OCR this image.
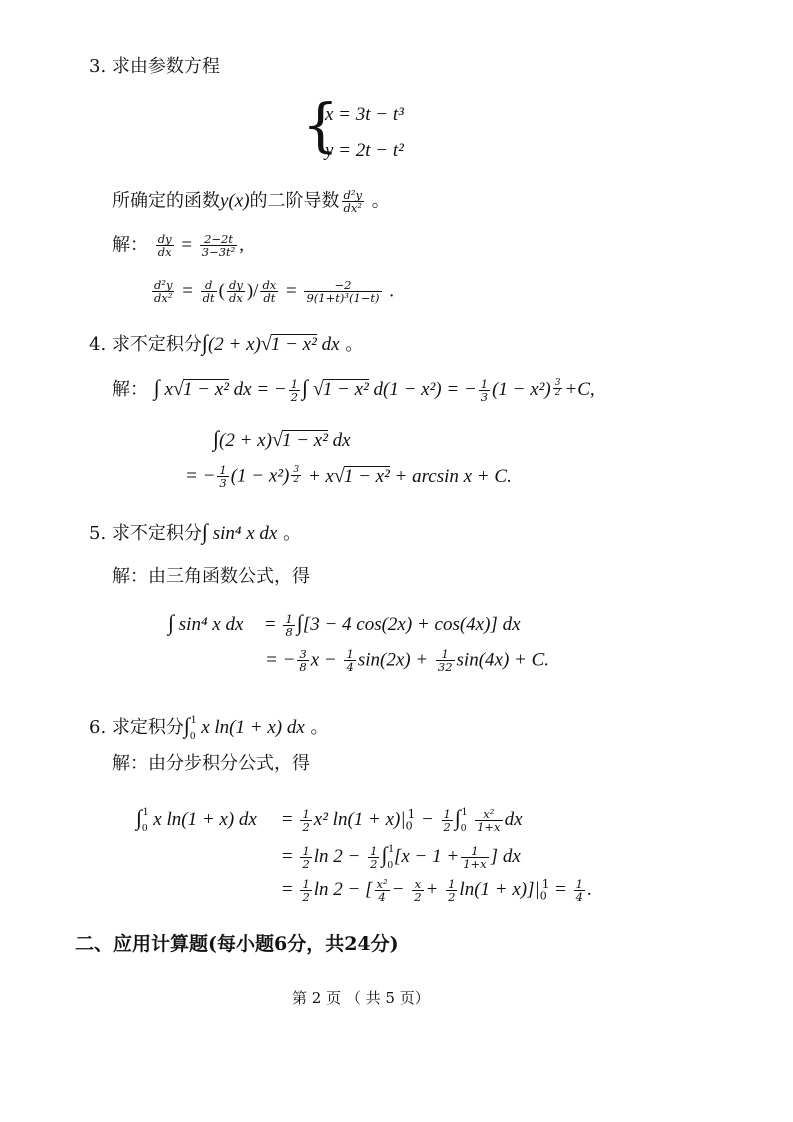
3. 求由参数方程
{
x = 3t − t³
y = 2t − t²
所确定的函数y(x)的二阶导数 $\frac{\text{d²y}}{\text{dx²}}$ 。
解： $\frac{dy}{dx} = \frac{2-2t}{\text{3−3t²}}$ ,
$\frac{\text{d²y}}{\text{dx²}} = \frac{d}{dt}$ ( $\frac{dy}{dx}$ )/ $\frac{dx}{dt} = \frac{-2}{\text{9(1+t)³(1−t)}}$ .
4. 求不定积分∫(2 + x)√1 − x² dx 。
解： ∫ x√1 − x² dx = − $\frac{1}{2}$ ∫ √1 − x² d(1 − x²) = − $\frac{1}{3} (1 - x^2)$ $^{\frac{3}{2}}$ +C,
∫(2 + x)√1 − x² dx
= − $\frac{1}{3} (1 - x^2) ^{\frac{3}{2}} + x√1 - x^2 + \arcsin x + C$.
5. 求不定积分∫ sin⁴ x dx 。
解：由三角函数公式，得
∫ sin⁴ x dx = $\frac{1}{8} \int[3 - 4$ cos(2x) + cos(4x)] dx
= − $\frac{3}{8}$ $x - \frac{1}{4} \sin(2x) + \frac{1}{32} \sin(4x) + C$.
6. 求定积分$\int_0^1$ x ln(1 + x) dx 。
解：由分步积分公式，得
$\int_0^1$ x ln(1 + x) dx = $\frac{1}{2} x^2$ $\ln(1 + x)|_0^1 - \frac{1}{2} \int_0^1 \frac{\text{x²}}{1+x}$ dx
= $\frac{1}{2}$ $\ln 2 - \frac{1}{2} \int_0^1[x - 1 + \frac{1}{1+x}$ ] dx
= $\frac{1}{2}$ ln 2 − [ $\frac{\text{x²}}{4} - \frac{x}{2} + \frac{1}{2} \ln(1 + x)]|_0^1 = \frac{1}{4}$ .
二、应用计算题(每小题6分，共24分)
第 2 页 （ 共 5 页）
